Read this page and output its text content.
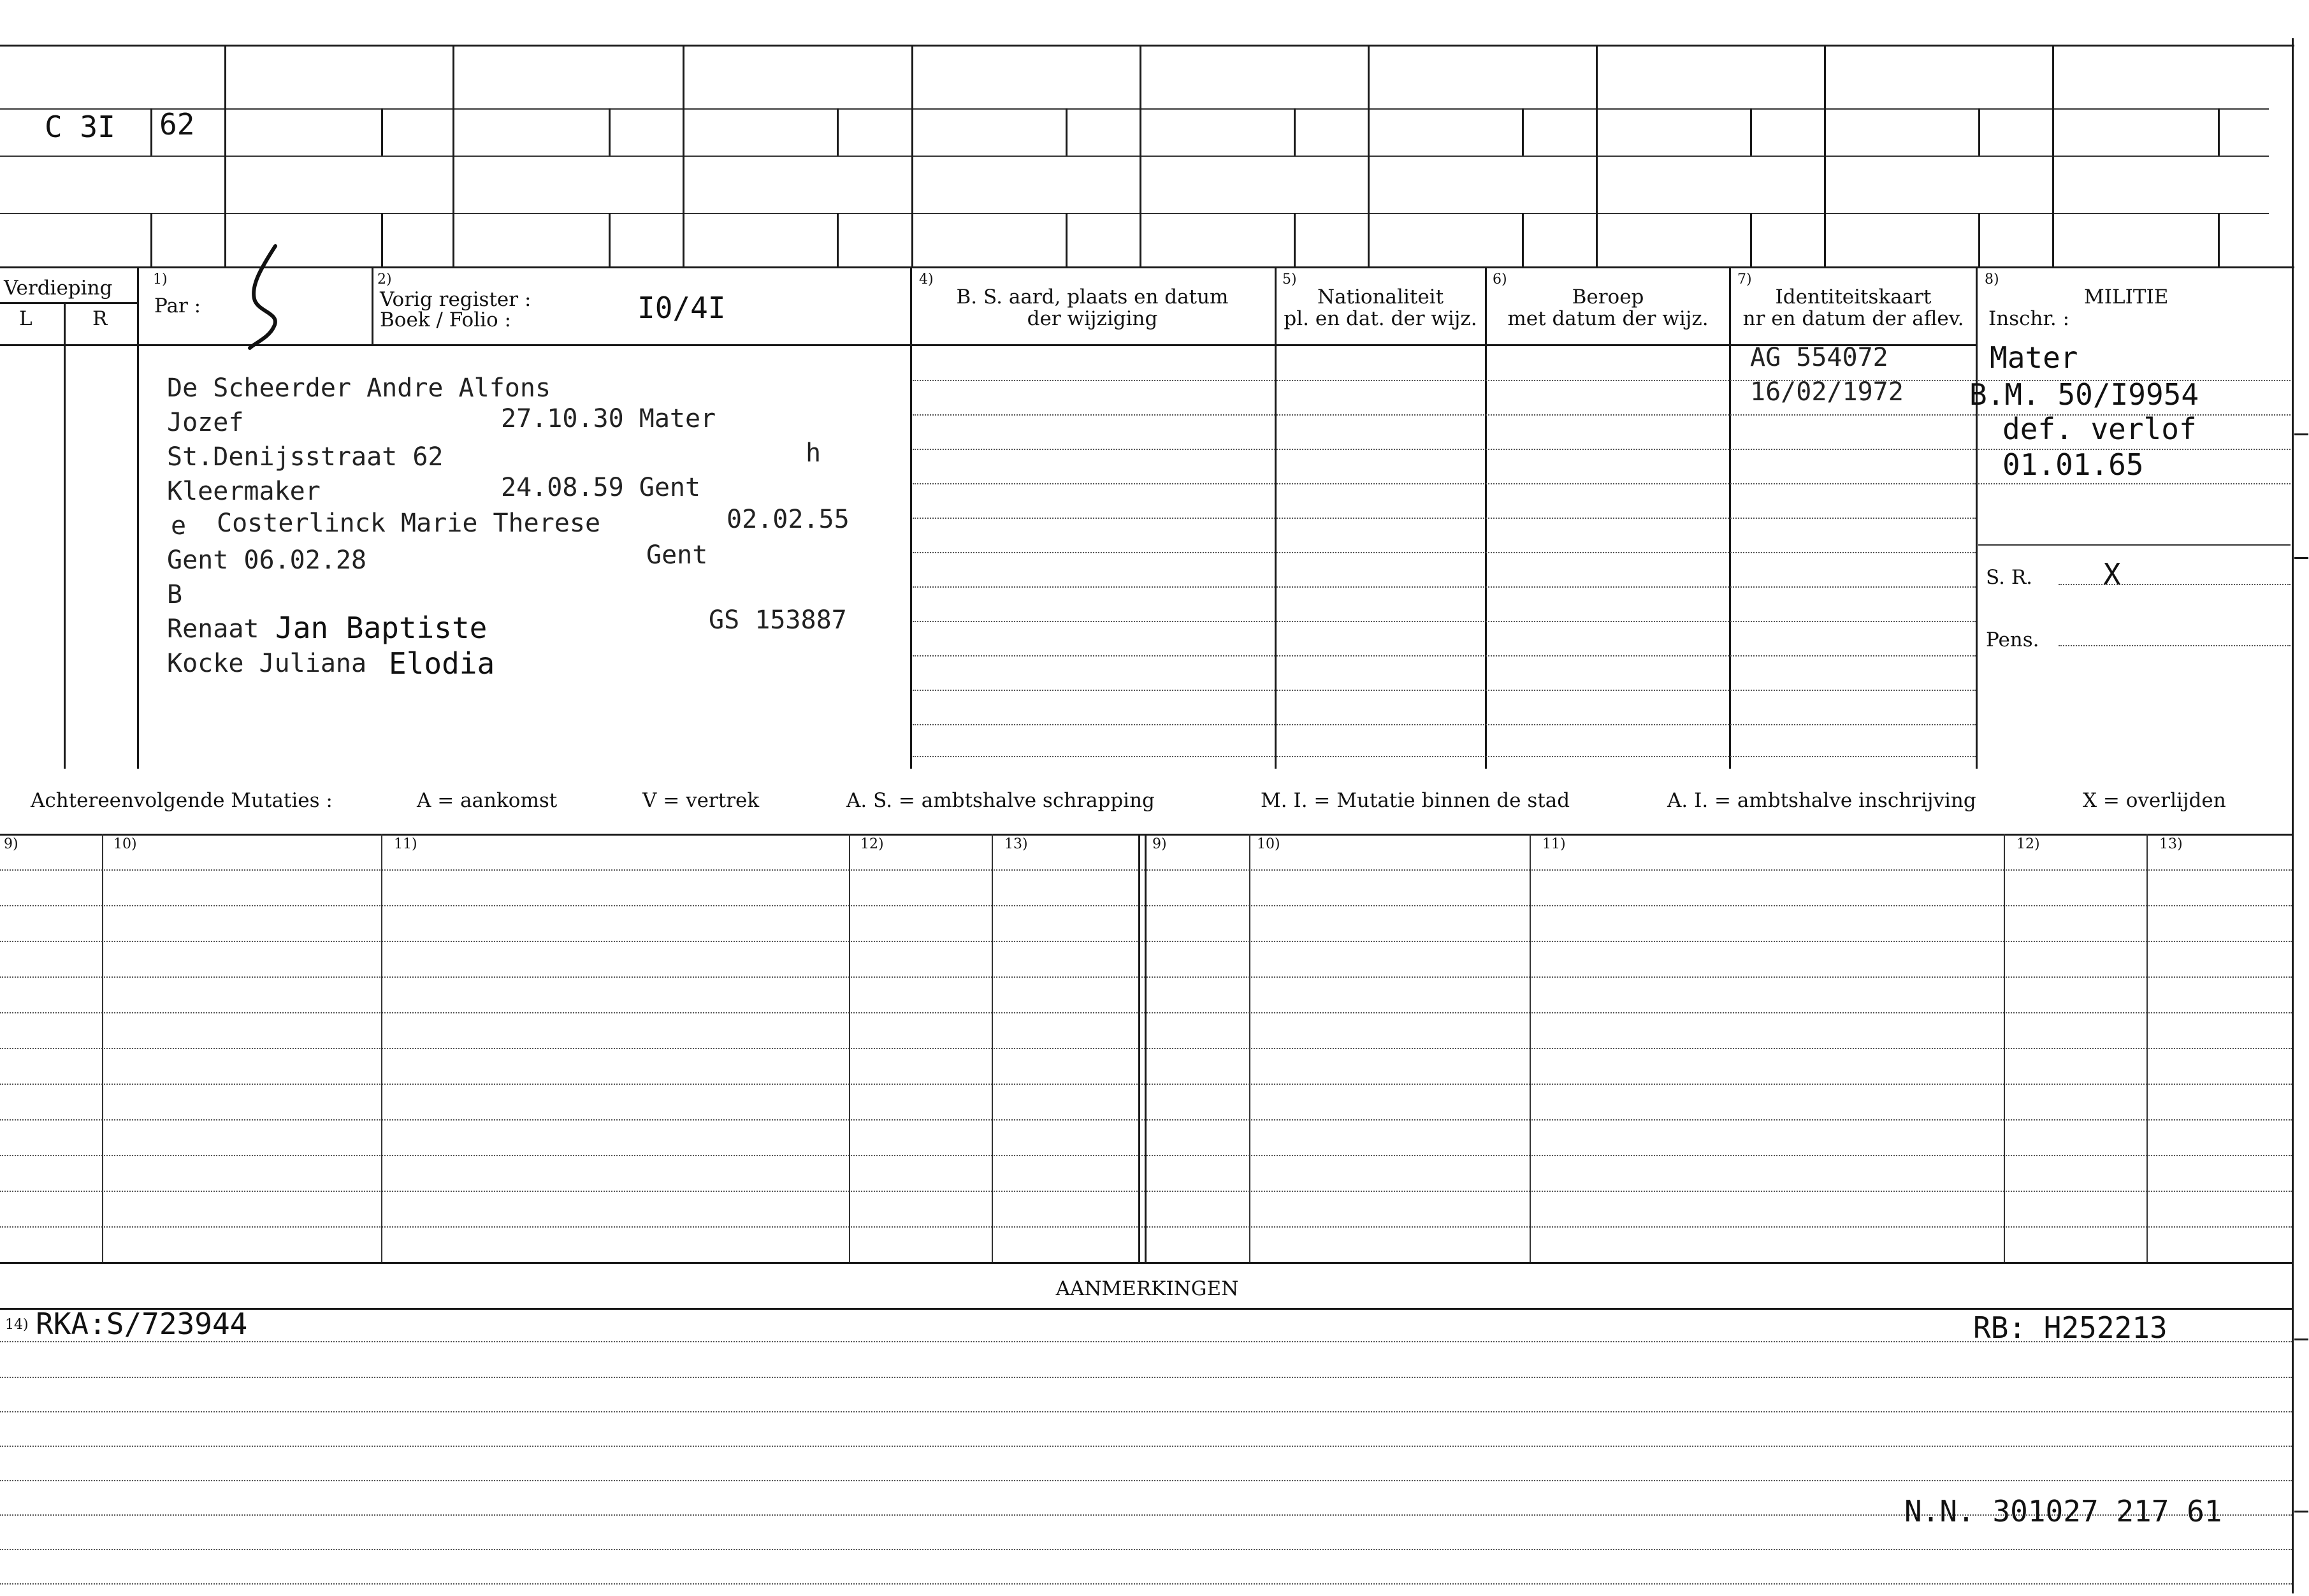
C 3I 62
Verdieping
L	R
1)
Par :
2)
Vorig register :
Boek / Folio :	I0/4I
4)
B. S. aard, plaats en datum
der wijziging
5)
Nationaliteit
pl. en dat. der wijz.
6)
Beroep
met datum der wijz.
7)
Identiteitskaart
nr en datum der aflev.
8)
MILITIE
Inschr. :
De Scheerder Andre Alfons
Jozef	27.10.30 Mater
St.Denijsstraat 62	h
Kleermaker	24.08.59 Gent
e Costerlinck Marie Therese	02.02.55
Gent 06.02.28	Gent
B
Renaat Jan Baptiste	GS 153887
Kocke Juliana Elodia
AG 554072
16/02/1972
Mater
B.M. 50/I9954
def. verlof
01.01.65
S. R. X
Pens.
Achtereenvolgende Mutaties :	A = aankomst	V = vertrek	A. S. = ambtshalve schrapping	M. I. = Mutatie binnen de stad	A. I. = ambtshalve inschrijving	X = overlijden
9)	10)	11)	12)	13)	9)	10)	11)	12)	13)
AANMERKINGEN
14) RKA:S/723944	RB: H252213
N.N. 301027 217 61
